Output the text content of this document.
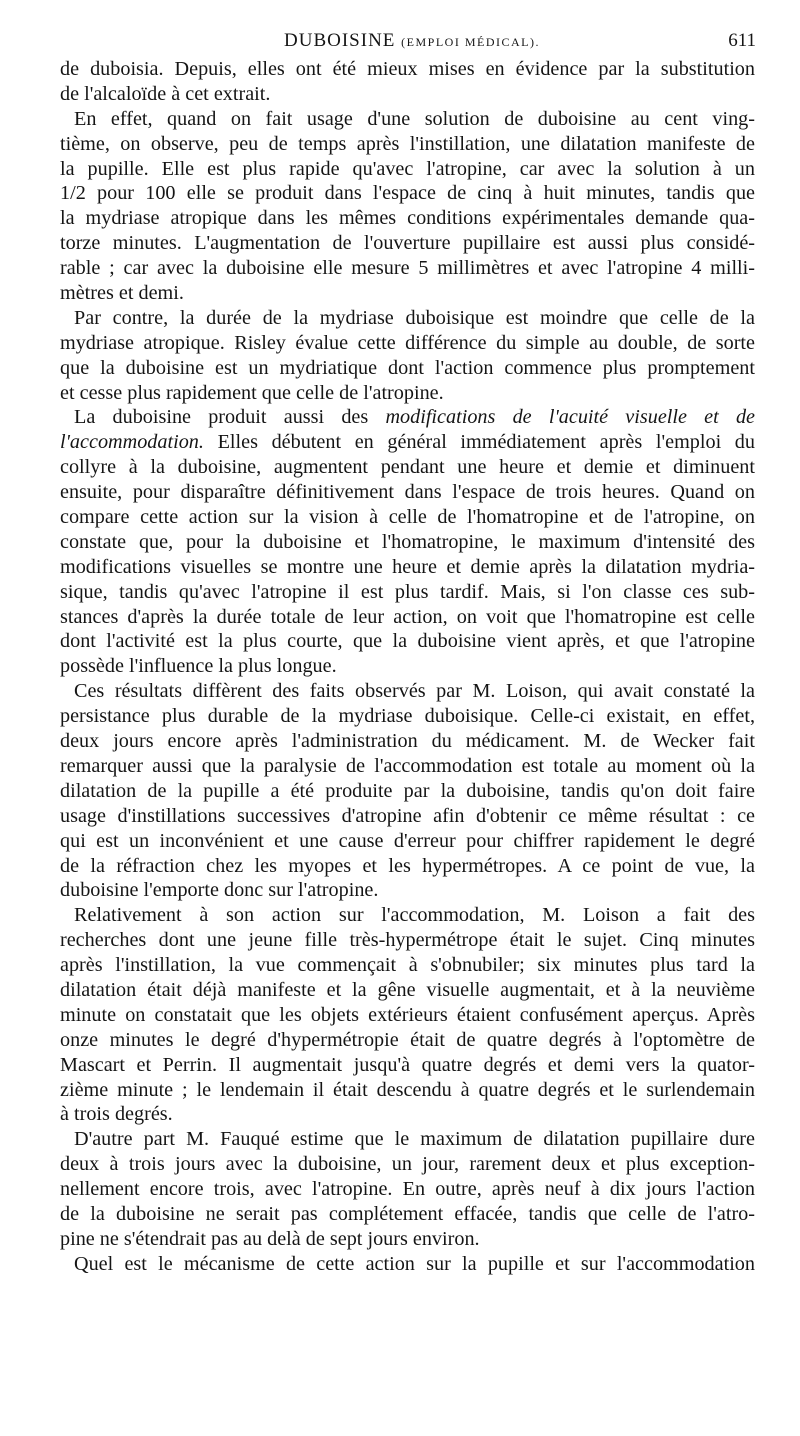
DUBOISINE (EMPLOI MÉDICAL).	611

de duboisia. Depuis, elles ont été mieux mises en évidence par la substitution
de l'alcaloïde à cet extrait.

En effet, quand on fait usage d'une solution de duboisine au cent ving-
tième, on observe, peu de temps après l'instillation, une dilatation manifeste de
la pupille. Elle est plus rapide qu'avec l'atropine, car avec la solution à un
1/2 pour 100 elle se produit dans l'espace de cinq à huit minutes, tandis que
la mydriase atropique dans les mêmes conditions expérimentales demande qua-
torze minutes. L'augmentation de l'ouverture pupillaire est aussi plus considé-
rable ; car avec la duboisine elle mesure 5 millimètres et avec l'atropine 4 milli-
mètres et demi.

Par contre, la durée de la mydriase duboisique est moindre que celle de la
mydriase atropique. Risley évalue cette différence du simple au double, de sorte
que la duboisine est un mydriatique dont l'action commence plus promptement
et cesse plus rapidement que celle de l'atropine.

La duboisine produit aussi des modifications de l'acuité visuelle et de
l'accommodation. Elles débutent en général immédiatement après l'emploi du
collyre à la duboisine, augmentent pendant une heure et demie et diminuent
ensuite, pour disparaître définitivement dans l'espace de trois heures. Quand on
compare cette action sur la vision à celle de l'homatropine et de l'atropine, on
constate que, pour la duboisine et l'homatropine, le maximum d'intensité des
modifications visuelles se montre une heure et demie après la dilatation mydria-
sique, tandis qu'avec l'atropine il est plus tardif. Mais, si l'on classe ces sub-
stances d'après la durée totale de leur action, on voit que l'homatropine est celle
dont l'activité est la plus courte, que la duboisine vient après, et que l'atropine
possède l'influence la plus longue.

Ces résultats diffèrent des faits observés par M. Loison, qui avait constaté la
persistance plus durable de la mydriase duboisique. Celle-ci existait, en effet,
deux jours encore après l'administration du médicament. M. de Wecker fait
remarquer aussi que la paralysie de l'accommodation est totale au moment où la
dilatation de la pupille a été produite par la duboisine, tandis qu'on doit faire
usage d'instillations successives d'atropine afin d'obtenir ce même résultat : ce
qui est un inconvénient et une cause d'erreur pour chiffrer rapidement le degré
de la réfraction chez les myopes et les hypermétropes. A ce point de vue, la
duboisine l'emporte donc sur l'atropine.

Relativement à son action sur l'accommodation, M. Loison a fait des
recherches dont une jeune fille très-hypermétrope était le sujet. Cinq minutes
après l'instillation, la vue commençait à s'obnubiler; six minutes plus tard la
dilatation était déjà manifeste et la gêne visuelle augmentait, et à la neuvième
minute on constatait que les objets extérieurs étaient confusément aperçus. Après
onze minutes le degré d'hypermétropie était de quatre degrés à l'optomètre de
Mascart et Perrin. Il augmentait jusqu'à quatre degrés et demi vers la quator-
zième minute ; le lendemain il était descendu à quatre degrés et le surlendemain
à trois degrés.

D'autre part M. Fauqué estime que le maximum de dilatation pupillaire dure
deux à trois jours avec la duboisine, un jour, rarement deux et plus exception-
nellement encore trois, avec l'atropine. En outre, après neuf à dix jours l'action
de la duboisine ne serait pas complétement effacée, tandis que celle de l'atro-
pine ne s'étendrait pas au delà de sept jours environ.

Quel est le mécanisme de cette action sur la pupille et sur l'accommodation
